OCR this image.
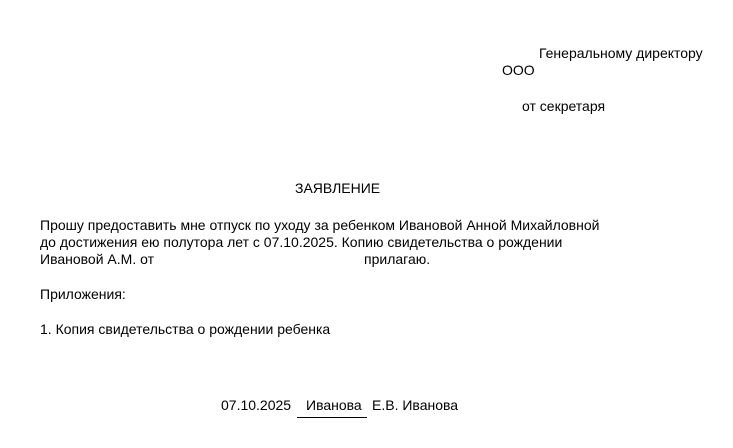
Генеральному директору
ООО
от секретаря
ЗАЯВЛЕНИЕ
Прошу предоставить мне отпуск по уходу за ребенком Ивановой Анной Михайловной
до достижения ею полутора лет с 07.10.2025. Копию свидетельства о рождении
Ивановой А.М. от	прилагаю.
Приложения:
1. Копия свидетельства о рождении ребенка
07.10.2025 Иванова Е.В. Иванова
